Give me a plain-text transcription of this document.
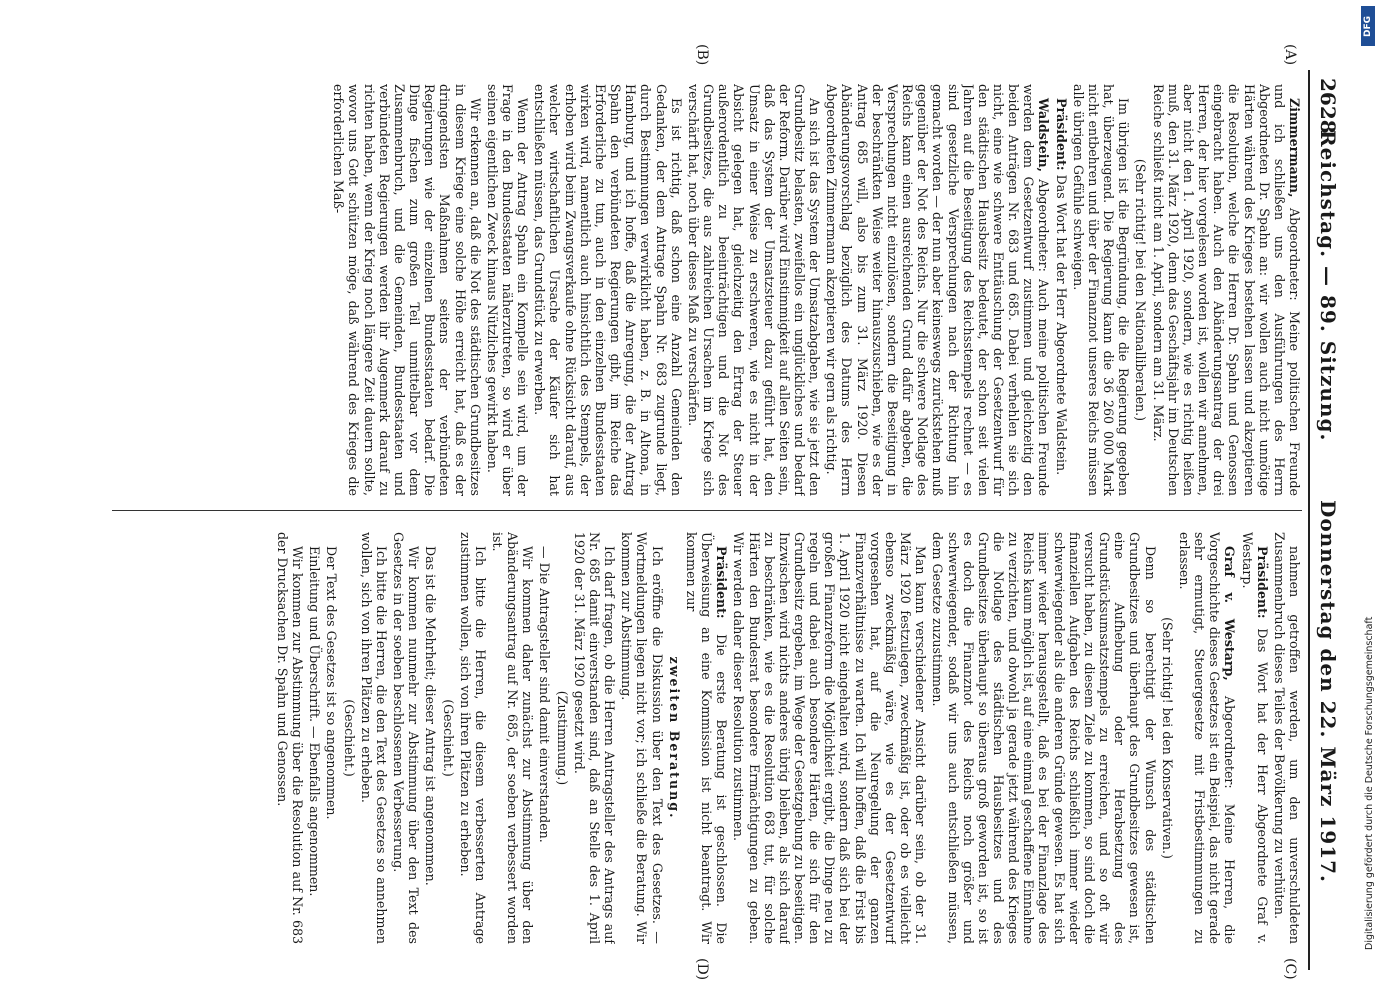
2628
Reichstag. — 89. Sitzung.
Donnerstag den 22. März 1917.
(A)
(B)
(C)
(D)

Zimmermann, Abgeordneter: Meine politischen Freunde und ich schließen uns den Ausführungen des Herrn Abgeordneten Dr. Spahn an: wir wollen auch nicht unnötige Härten während des Krieges bestehen lassen und akzeptieren die Resolution, welche die Herren Dr. Spahn und Genossen eingebracht haben. Auch den Abänderungsantrag der drei Herren, der hier vorgelesen worden ist, wollen wir annehmen, aber nicht den 1. April 1920, sondern, wie es richtig heißen muß, den 31. März 1920, denn das Geschäftsjahr im Deutschen Reiche schließt nicht am 1. April, sondern am 31. März.

(Sehr richtig! bei den Nationalliberalen.)

Im übrigen ist die Begründung, die die Regierung gegeben hat, überzeugend. Die Regierung kann die 36 260 000 Mark nicht entbehren und über der Finanznot unseres Reichs müssen alle übrigen Gefühle schweigen.

Präsident: Das Wort hat der Herr Abgeordnete Waldstein.

Waldstein, Abgeordneter: Auch meine politischen Freunde werden dem Gesetzentwurf zustimmen und gleichzeitig den beiden Anträgen Nr. 683 und 685. Dabei verhehlen sie sich nicht, eine wie schwere Enttäuschung der Gesetzentwurf für den städtischen Hausbesitz bedeutet, der schon seit vielen Jahren auf die Beseitigung des Reichsstempels rechnet — es sind gesetzliche Versprechungen nach der Richtung hin gemacht worden — der nun aber keineswegs zurückstehen muß gegenüber der Not des Reichs. Nur die schwere Notlage des Reichs kann einen ausreichenden Grund dafür abgeben, die Versprechungen nicht einzulösen, sondern die Beseitigung in der beschränkten Weise weiter hinauszuschieben, wie es der Antrag 685 will, also bis zum 31. März 1920. Diesen Abänderungsvorschlag bezüglich des Datums des Herrn Abgeordneten Zimmermann akzeptieren wir gern als richtig.

An sich ist das System der Umsatzabgaben, wie sie jetzt den Grundbesitz belasten, zweifellos ein unglückliches und bedarf der Reform. Darüber wird Einstimmigkeit auf allen Seiten sein, daß das System der Umsatzsteuer dazu geführt hat, den Umsatz in einer Weise zu erschweren, wie es nicht in der Absicht gelegen hat, gleichzeitig den Ertrag der Steuer außerordentlich zu beeinträchtigen und die Not des Grundbesitzes, die aus zahlreichen Ursachen im Kriege sich verschärft hat, noch über dieses Maß zu verschärfen.

Es ist richtig, daß schon eine Anzahl Gemeinden den Gedanken, der dem Antrage Spahn Nr. 683 zugrunde liegt, durch Bestimmungen verwirklicht haben, z. B. in Altona, in Hamburg, und ich hoffe, daß die Anregung, die der Antrag Spahn den verbündeten Regierungen gibt, im Reiche das Erforderliche zu tun, auch in den einzelnen Bundesstaaten wirken wird, namentlich auch hinsichtlich des Stempels, der erhoben wird beim Zwangsverkaufe ohne Rücksicht darauf, aus welcher wirtschaftlichen Ursache der Käufer sich hat entschließen müssen, das Grundstück zu erwerben.

Wenn der Antrag Spahn ein Kompelle sein wird, um der Frage in den Bundesstaaten näherzutreten, so wird er über seinen eigentlichen Zweck hinaus Nützliches gewirkt haben.

Wir erkennen an, daß die Not des städtischen Grundbesitzes in diesem Kriege eine solche Höhe erreicht hat, daß es der dringendsten Maßnahmen seitens der verbündeten Regierungen wie der einzelnen Bundesstaaten bedarf. Die Dinge fischen zum großen Teil unmittelbar vor dem Zusammenbruch, und die Gemeinden, Bundesstaaten und verbündeten Regierungen werden ihr Augenmerk darauf zu richten haben, wenn der Krieg noch längere Zeit dauern sollte, wovor uns Gott schützen möge, daß während des Krieges die erforderlichen Maß-

nahmen getroffen werden, um den unverschuldeten Zusammenbruch dieses Teiles der Bevölkerung zu verhüten.

Präsident: Das Wort hat der Herr Abgeordnete Graf v. Westarp.

Graf v. Westarp, Abgeordneter: Meine Herren, die Vorgeschichte dieses Gesetzes ist ein Beispiel, das nicht gerade sehr ermutigt, Steuergesetze mit Fristbestimmungen zu erlassen.

(Sehr richtig! bei den Konservativen.)

Denn so berechtigt der Wunsch des städtischen Grundbesitzes und überhaupt des Grundbesitzes gewesen ist, eine Aufhebung oder Herabsetzung des Grundstücksumsatzstempels zu erreichen, und so oft wir versucht haben, zu diesem Ziele zu kommen, so sind doch die finanziellen Aufgaben des Reichs schließlich immer wieder schwerwiegender als die anderen Gründe gewesen. Es hat sich immer wieder herausgestellt, daß es bei der Finanzlage des Reichs kaum möglich ist, auf eine einmal geschaffene Einnahme zu verzichten, und obwohl ja gerade jetzt während des Krieges die Notlage des städtischen Hausbesitzes und des Grundbesitzes überhaupt so überaus groß geworden ist, so ist es doch die Finanznot des Reichs noch größer und schwerwiegender, sodaß wir uns auch entschließen müssen, dem Gesetze zuzustimmen.

Man kann verschiedener Ansicht darüber sein, ob der 31. März 1920 festzulegen, zweckmäßig ist, oder ob es vielleicht ebenso zweckmäßig wäre, wie es der Gesetzentwurf vorgesehen hat, auf die Neuregelung der ganzen Finanzverhältnisse zu warten. Ich will hoffen, daß die Frist bis 1. April 1920 nicht eingehalten wird, sondern daß sich bei der großen Finanzreform die Möglichkeit ergibt, die Dinge neu zu regeln und dabei auch besondere Härten, die sich für den Grundbesitz ergeben, im Wege der Gesetzgebung zu beseitigen. Inzwischen wird nichts anderes übrig bleiben, als sich darauf zu beschränken, wie es die Resolution 683 tut, für solche Härten den Bundesrat besondere Ermächtigungen zu geben. Wir werden daher dieser Resolution zustimmen.

Präsident: Die erste Beratung ist geschlossen. Die Überweisung an eine Kommission ist nicht beantragt. Wir kommen zur

zweiten Beratung.

Ich eröffne die Diskussion über den Text des Gesetzes. — Wortmeldungen liegen nicht vor; ich schließe die Beratung. Wir kommen zur Abstimmung.

Ich darf fragen, ob die Herren Antragsteller des Antrags auf Nr. 685 damit einverstanden sind, daß an Stelle des 1. April 1920 der 31. März 1920 gesetzt wird.

(Zustimmung.)

— Die Antragsteller sind damit einverstanden.

Wir kommen daher zunächst zur Abstimmung über den Abänderungsantrag auf Nr. 685, der soeben verbessert worden ist.

Ich bitte die Herren, die diesem verbesserten Antrage zustimmen wollen, sich von ihren Plätzen zu erheben.

(Geschieht.)

Das ist die Mehrheit; dieser Antrag ist angenommen.

Wir kommen nunmehr zur Abstimmung über den Text des Gesetzes in der soeben beschlossenen Verbesserung.

Ich bitte die Herren, die den Text des Gesetzes so annehmen wollen, sich von ihren Plätzen zu erheben.

(Geschieht.)

Der Text des Gesetzes ist so angenommen.

Einleitung und Überschrift. — Ebenfalls angenommen.

Wir kommen zur Abstimmung über die Resolution auf Nr. 683 der Drucksachen Dr. Spahn und Genossen.

DFG
Digitalisierung gefördert durch die Deutsche Forschungsgemeinschaft
